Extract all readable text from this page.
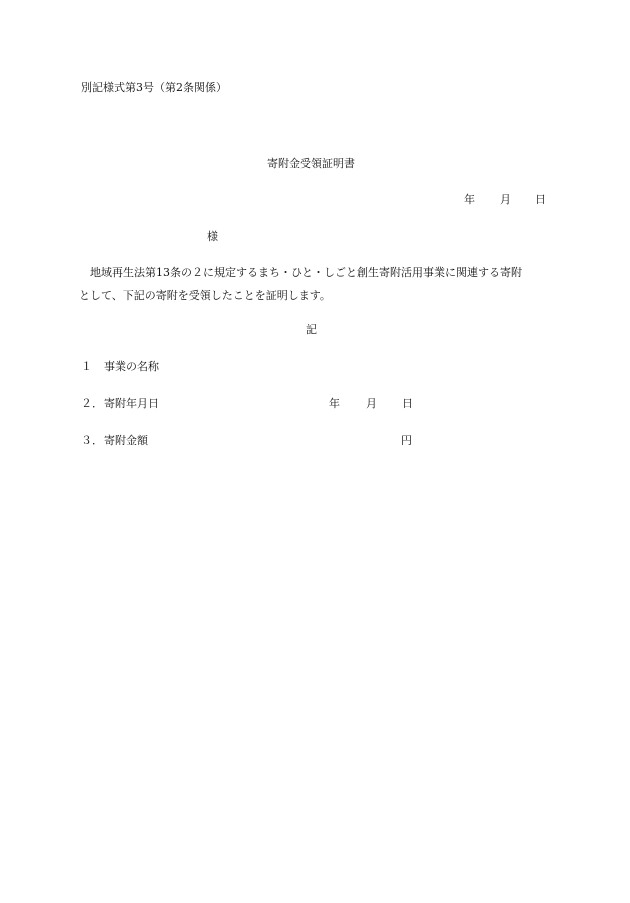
別記様式第3号（第2条関係）
寄附金受領証明書
年 月 日
様
地域再生法第13条の２に規定するまち・ひと・しごと創生寄附活用事業に関連する寄附
として、下記の寄附を受領したことを証明します。
記
１ 事業の名称
２． 寄附年月日	年 月 日
３． 寄附金額	円
